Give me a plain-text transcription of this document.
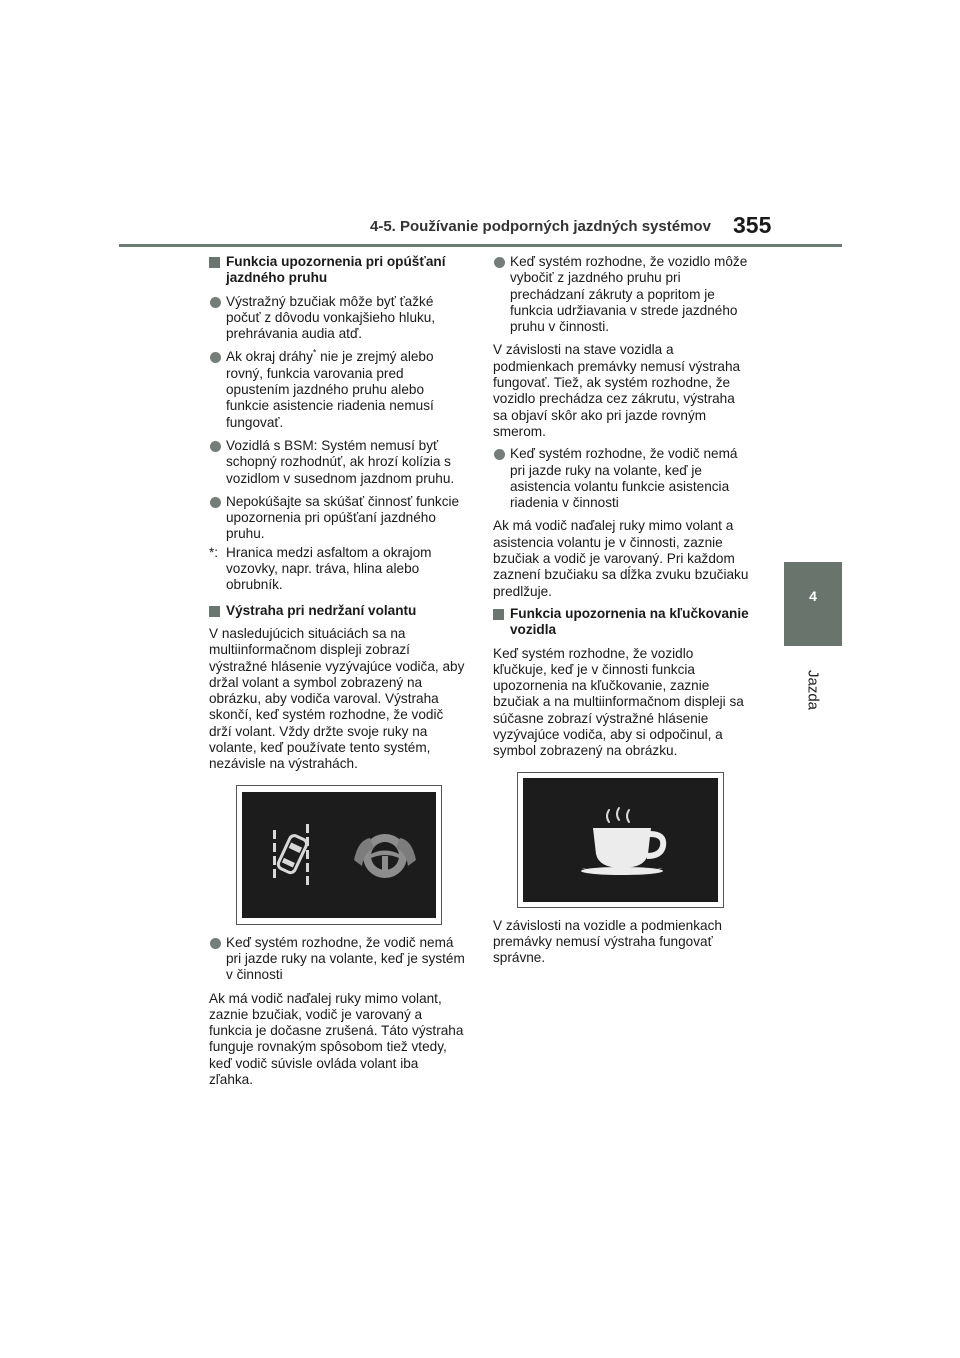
4-5. Používanie podporných jazdných systémov 355
4
Jazda
Funkcia upozornenia pri opúšťaní jazdného pruhu
Výstražný bzučiak môže byť ťažké počuť z dôvodu vonkajšieho hluku, prehrávania audia atď.
Ak okraj dráhy* nie je zrejmý alebo rovný, funkcia varovania pred opustením jazdného pruhu alebo funkcie asistencie riadenia nemusí fungovať.
Vozidlá s BSM: Systém nemusí byť schopný rozhodnúť, ak hrozí kolízia s vozidlom v susednom jazdnom pruhu.
Nepokúšajte sa skúšať činnosť funkcie upozornenia pri opúšťaní jazdného pruhu.
*: Hranica medzi asfaltom a okrajom vozovky, napr. tráva, hlina alebo obrubník.
Výstraha pri nedržaní volantu
V nasledujúcich situáciách sa na multiinformačnom displeji zobrazí výstražné hlásenie vyzývajúce vodiča, aby držal volant a symbol zobrazený na obrázku, aby vodiča varoval. Výstraha skončí, keď systém rozhodne, že vodič drží volant. Vždy držte svoje ruky na volante, keď používate tento systém, nezávisle na výstrahách.
Keď systém rozhodne, že vodič nemá pri jazde ruky na volante, keď je systém v činnosti
Ak má vodič naďalej ruky mimo volant, zaznie bzučiak, vodič je varovaný a funkcia je dočasne zrušená. Táto výstraha funguje rovnakým spôsobom tiež vtedy, keď vodič súvisle ovláda volant iba zľahka.
Keď systém rozhodne, že vozidlo môže vybočiť z jazdného pruhu pri prechádzaní zákruty a popritom je funkcia udržiavania v strede jazdného pruhu v činnosti.
V závislosti na stave vozidla a podmienkach premávky nemusí výstraha fungovať. Tiež, ak systém rozhodne, že vozidlo prechádza cez zákrutu, výstraha sa objaví skôr ako pri jazde rovným smerom.
Keď systém rozhodne, že vodič nemá pri jazde ruky na volante, keď je asistencia volantu funkcie asistencia riadenia v činnosti
Ak má vodič naďalej ruky mimo volant a asistencia volantu je v činnosti, zaznie bzučiak a vodič je varovaný. Pri každom zaznení bzučiaku sa dĺžka zvuku bzučiaku predlžuje.
Funkcia upozornenia na kľučkovanie vozidla
Keď systém rozhodne, že vozidlo kľučkuje, keď je v činnosti funkcia upozornenia na kľučkovanie, zaznie bzučiak a na multiinformačnom displeji sa súčasne zobrazí výstražné hlásenie vyzývajúce vodiča, aby si odpočinul, a symbol zobrazený na obrázku.
V závislosti na vozidle a podmienkach premávky nemusí výstraha fungovať správne.
